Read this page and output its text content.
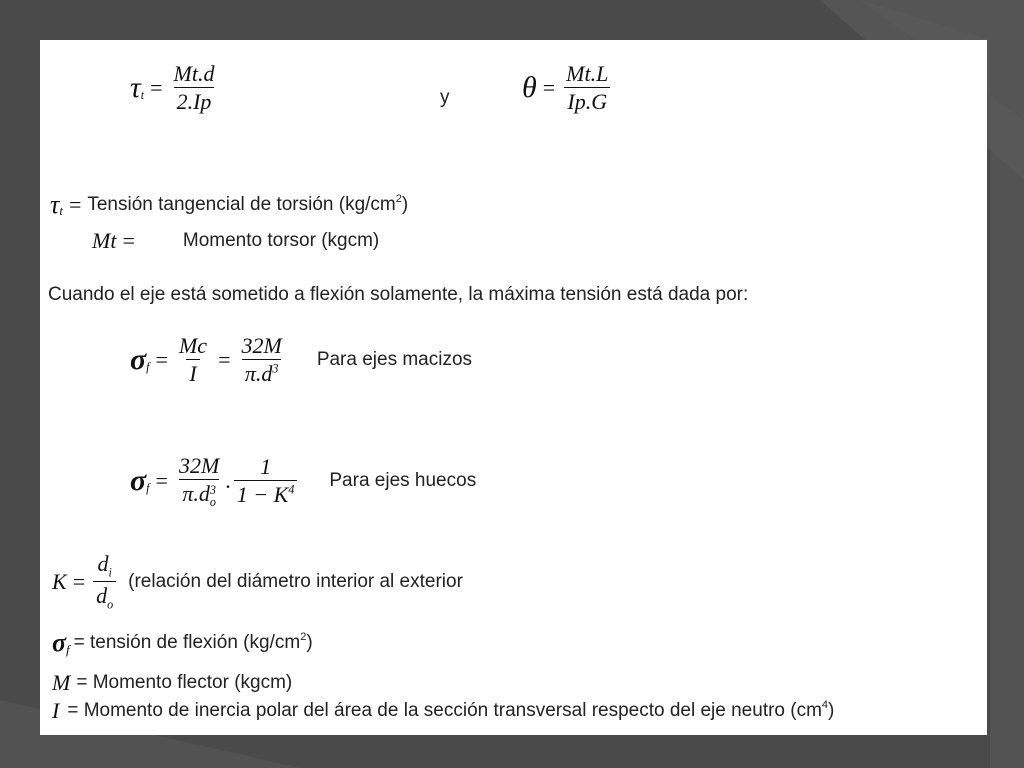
$\tau_t = \frac{Mt.d}{2.Ip}$	y $\theta = \frac{Mt.L}{Ip.G}$
$\tau_t$ = Tensión tangencial de torsión ($kg/cm^2$ )
Mt =	Momento torsor (kgcm)
Cuando el eje está sometido a flexión solamente, la máxima tensión está dada por:
$\sigma_f = \frac{Mc}{I} = \frac{32M}{\pi.d^3}$ Para ejes macizos
$\sigma_f = 32M$
π.d 3
o . $\frac{1}{1 - K^4}$ Para ejes huecos
$K = \frac{d_i}{d_o}$ (relación del diámetro interior al exterior
$\sigma_f$ = tensión de flexión ($kg/cm^2$ )
M = Momento flector (kgcm)
I = Momento de inercia polar del área de la sección transversal respecto del eje neutro ($cm^4$ )
